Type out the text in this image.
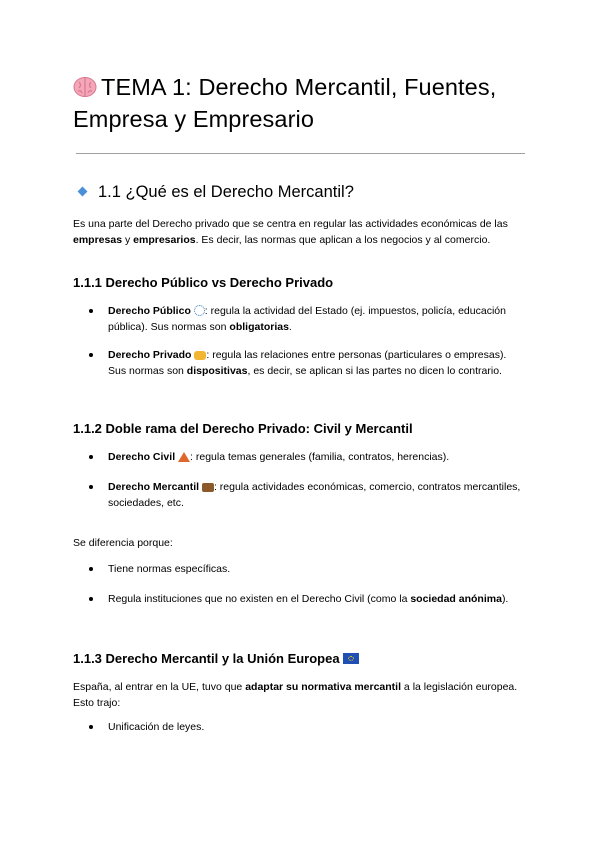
TEMA 1: Derecho Mercantil, Fuentes, Empresa y Empresario
1.1 ¿Qué es el Derecho Mercantil?
Es una parte del Derecho privado que se centra en regular las actividades económicas de las empresas y empresarios. Es decir, las normas que aplican a los negocios y al comercio.
1.1.1 Derecho Público vs Derecho Privado
Derecho Público : regula la actividad del Estado (ej. impuestos, policía, educación pública). Sus normas son obligatorias.
Derecho Privado : regula las relaciones entre personas (particulares o empresas). Sus normas son dispositivas, es decir, se aplican si las partes no dicen lo contrario.
1.1.2 Doble rama del Derecho Privado: Civil y Mercantil
Derecho Civil : regula temas generales (familia, contratos, herencias).
Derecho Mercantil : regula actividades económicas, comercio, contratos mercantiles, sociedades, etc.
Se diferencia porque:
Tiene normas específicas.
Regula instituciones que no existen en el Derecho Civil (como la sociedad anónima).
1.1.3 Derecho Mercantil y la Unión Europea
España, al entrar en la UE, tuvo que adaptar su normativa mercantil a la legislación europea. Esto trajo:
Unificación de leyes.
